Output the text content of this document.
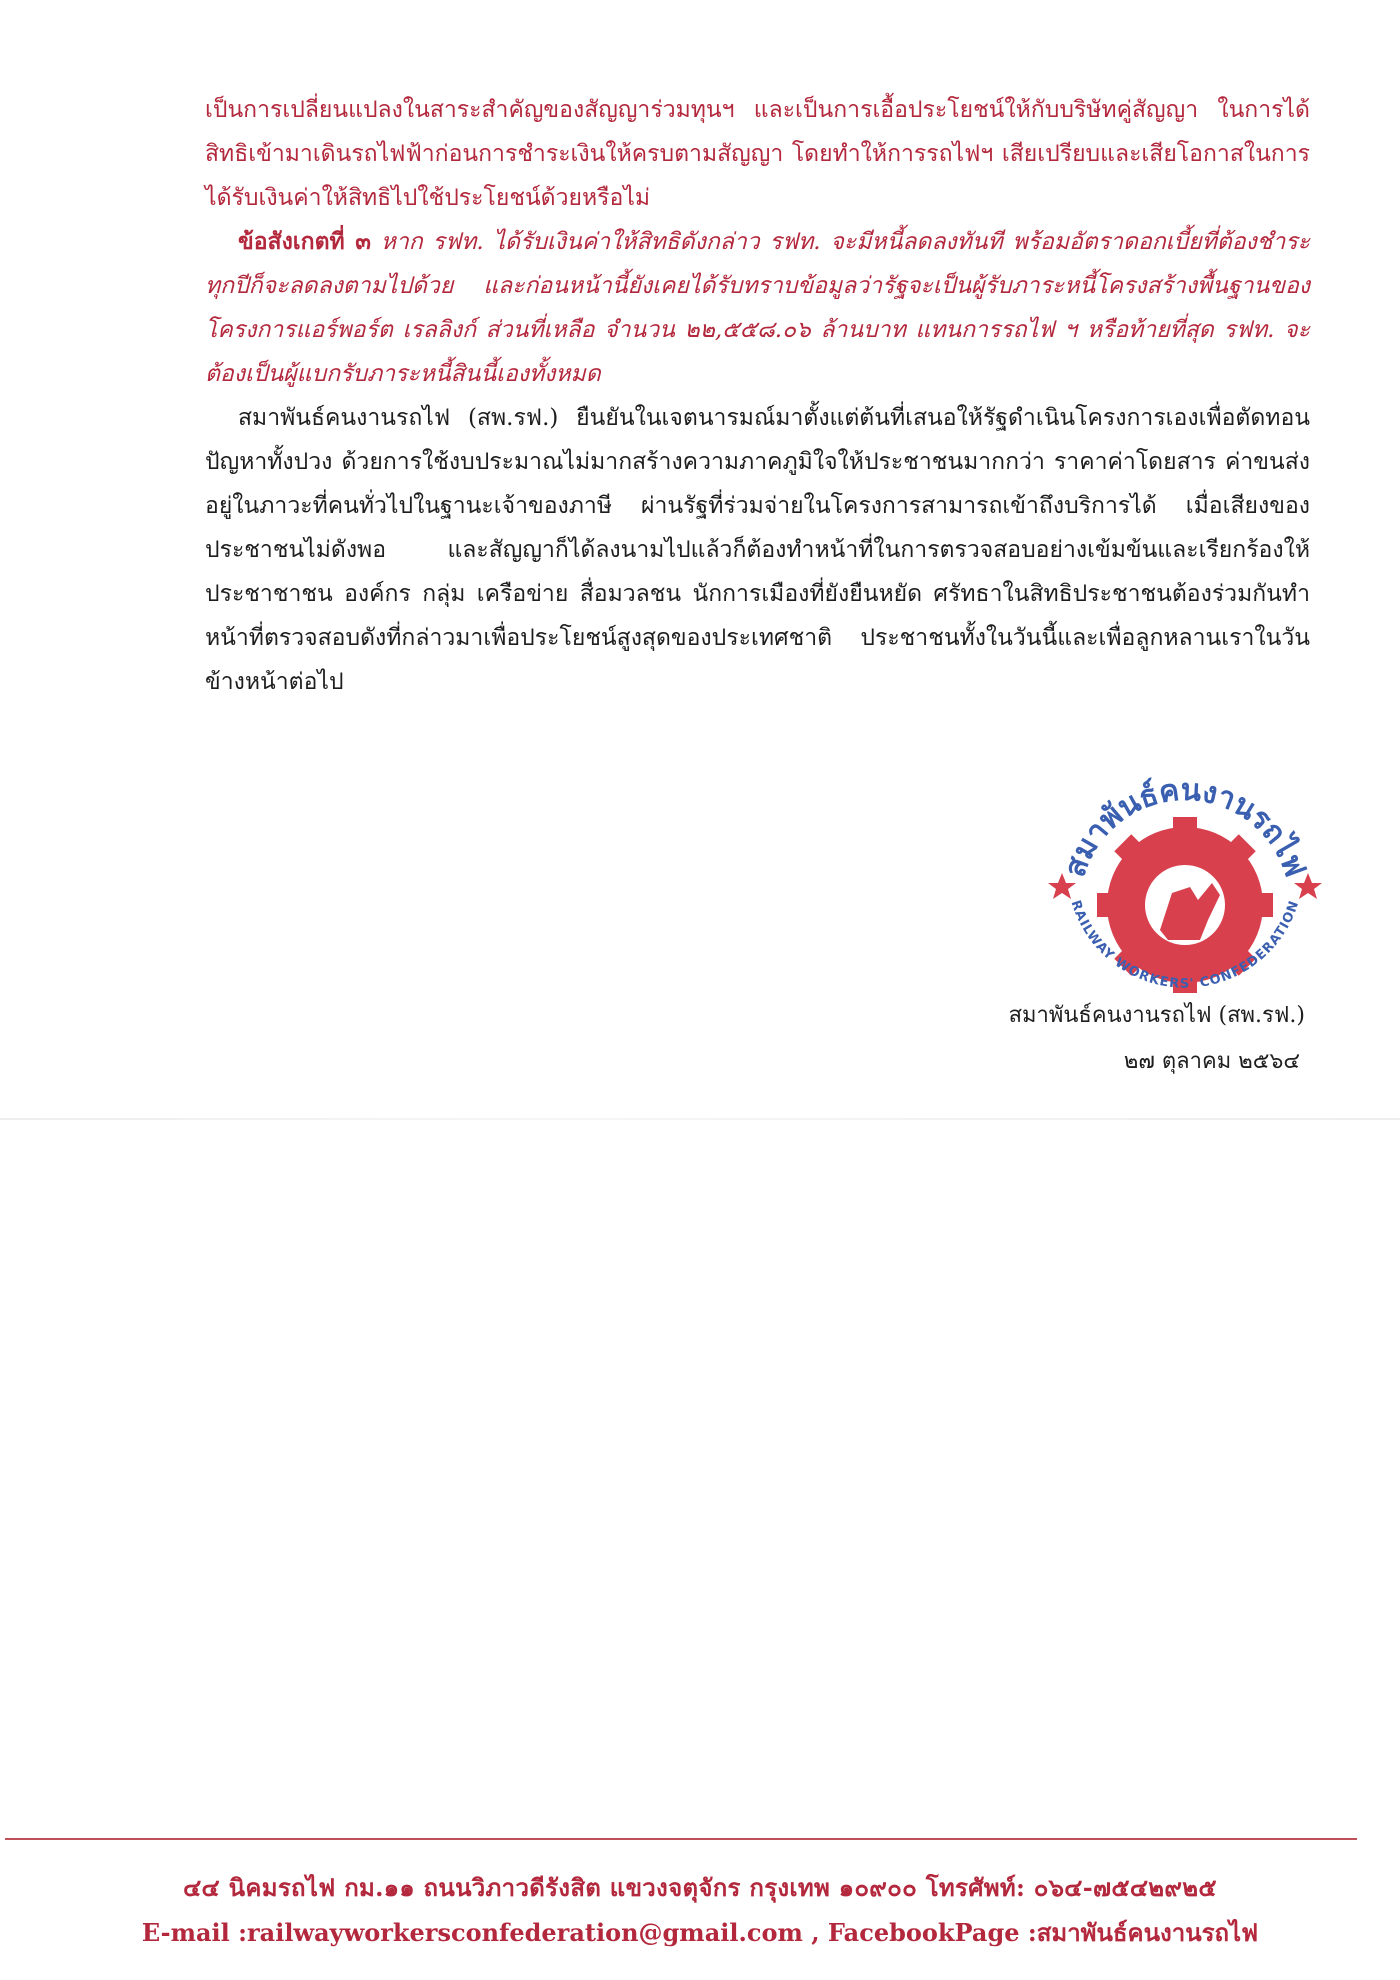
เป็นการเปลี่ยนแปลงในสาระสำคัญของสัญญาร่วมทุนฯ และเป็นการเอื้อประโยชน์ให้กับบริษัทคู่สัญญา ในการได้สิทธิเข้ามาเดินรถไฟฟ้าก่อนการชำระเงินให้ครบตามสัญญา โดยทำให้การรถไฟฯ เสียเปรียบและเสียโอกาสในการได้รับเงินค่าให้สิทธิไปใช้ประโยชน์ด้วยหรือไม่

ข้อสังเกตที่ ๓ หาก รฟท. ได้รับเงินค่าให้สิทธิดังกล่าว รฟท. จะมีหนี้ลดลงทันที พร้อมอัตราดอกเบี้ยที่ต้องชำระทุกปีก็จะลดลงตามไปด้วย และก่อนหน้านี้ยังเคยได้รับทราบข้อมูลว่ารัฐจะเป็นผู้รับภาระหนี้โครงสร้างพื้นฐานของโครงการแอร์พอร์ต เรลลิงก์ ส่วนที่เหลือ จำนวน ๒๒,๕๕๘.๐๖ ล้านบาท แทนการรถไฟ ฯ หรือท้ายที่สุด รฟท. จะต้องเป็นผู้แบกรับภาระหนี้สินนี้เองทั้งหมด

สมาพันธ์คนงานรถไฟ (สพ.รฟ.) ยืนยันในเจตนารมณ์มาตั้งแต่ต้นที่เสนอให้รัฐดำเนินโครงการเองเพื่อตัดทอนปัญหาทั้งปวง ด้วยการใช้งบประมาณไม่มากสร้างความภาคภูมิใจให้ประชาชนมากกว่า ราคาค่าโดยสาร ค่าขนส่ง อยู่ในภาวะที่คนทั่วไปในฐานะเจ้าของภาษี ผ่านรัฐที่ร่วมจ่ายในโครงการสามารถเข้าถึงบริการได้ เมื่อเสียงของประชาชนไม่ดังพอ และสัญญาก็ได้ลงนามไปแล้วก็ต้องทำหน้าที่ในการตรวจสอบอย่างเข้มข้นและเรียกร้องให้ประชาชาชน องค์กร กลุ่ม เครือข่าย สื่อมวลชน นักการเมืองที่ยังยืนหยัด ศรัทธาในสิทธิประชาชนต้องร่วมกันทำหน้าที่ตรวจสอบดังที่กล่าวมาเพื่อประโยชน์สูงสุดของประเทศชาติ ประชาชนทั้งในวันนี้และเพื่อลูกหลานเราในวันข้างหน้าต่อไป

R.W.C.
สมาพันธ์คนงานรถไฟ
RAILWAY WORKERS' CONFEDERATION
สมาพันธ์คนงานรถไฟ (สพ.รฟ.)
๒๗ ตุลาคม ๒๕๖๔
๔๔ นิคมรถไฟ กม.๑๑ ถนนวิภาวดีรังสิต แขวงจตุจักร กรุงเทพ ๑๐๙๐๐ โทรศัพท์: ๐๖๔-๗๕๔๒๙๒๕
E-mail :railwayworkersconfederation@gmail.com , FacebookPage :สมาพันธ์คนงานรถไฟ
